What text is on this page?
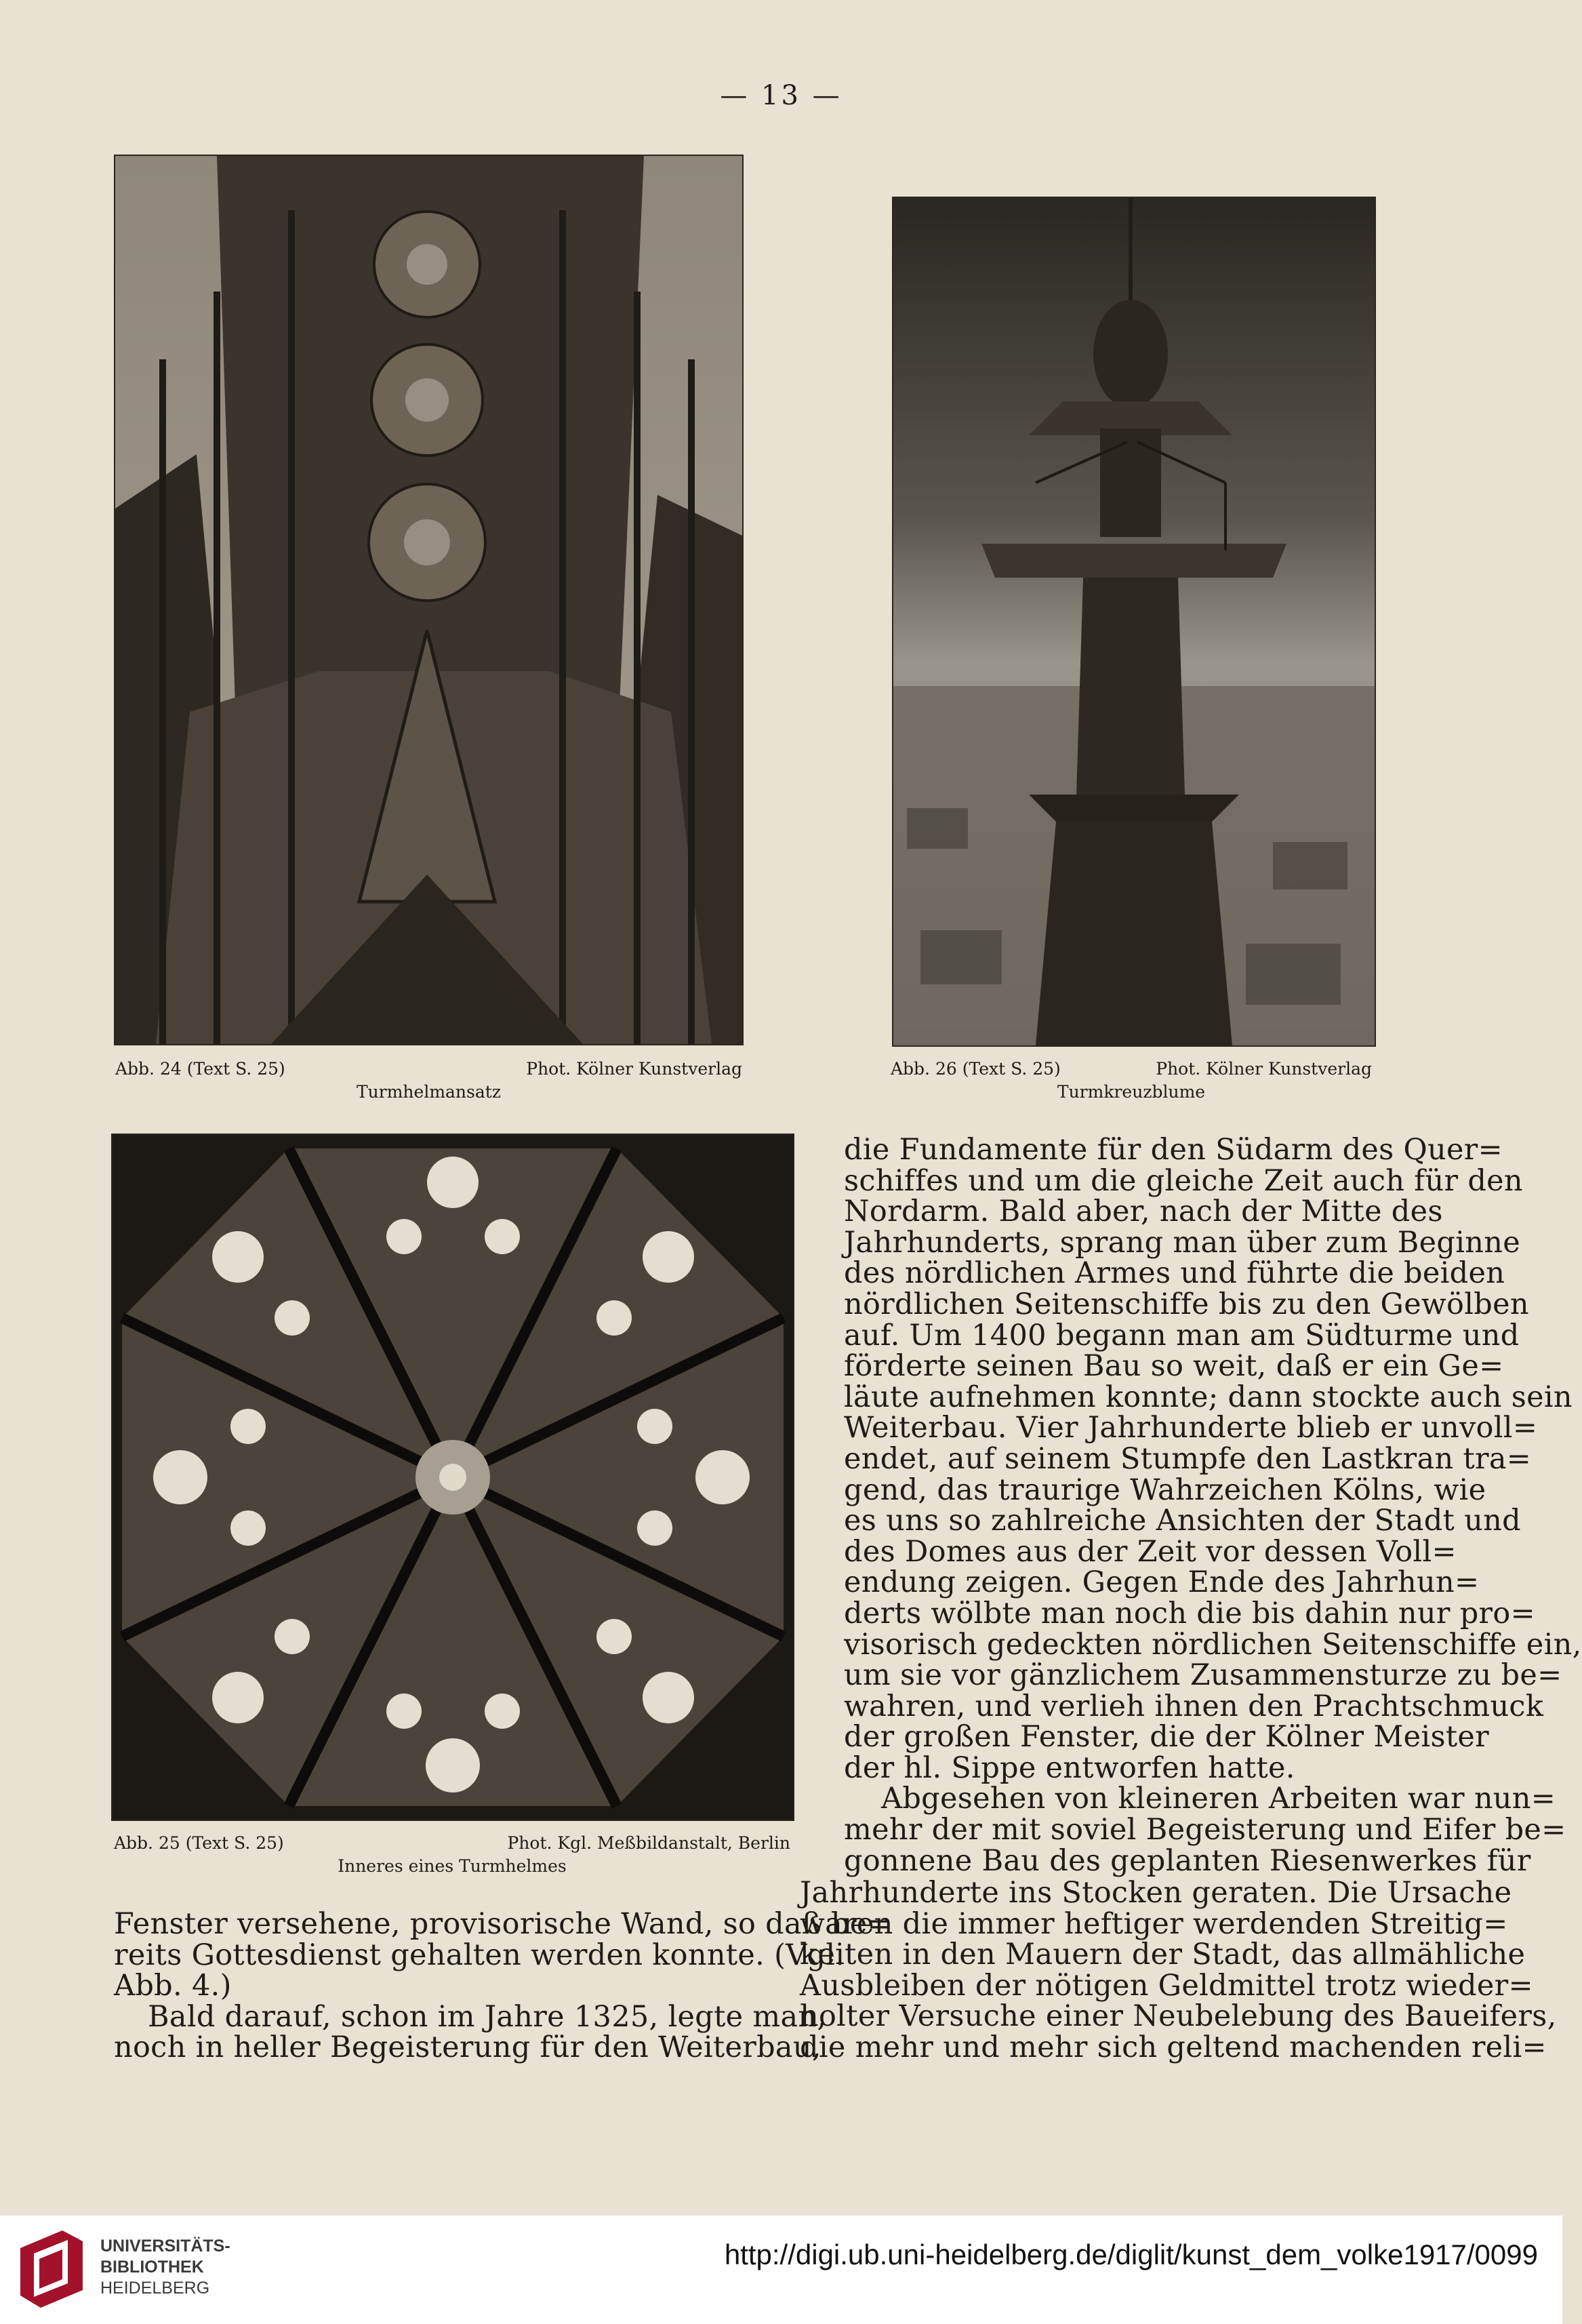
— 13 —
Abb. 24 (Text S. 25)	Phot. Kölner Kunstverlag
Turmhelmansatz
Abb. 26 (Text S. 25)	Phot. Kölner Kunstverlag
Turmkreuzblume
Abb. 25 (Text S. 25)	Phot. Kgl. Meßbildanstalt, Berlin
Inneres eines Turmhelmes
die Fundamente für den Südarm des Quer=
schiffes und um die gleiche Zeit auch für den
Nordarm. Bald aber, nach der Mitte des
Jahrhunderts, sprang man über zum Beginne
des nördlichen Armes und führte die beiden
nördlichen Seitenschiffe bis zu den Gewölben
auf. Um 1400 begann man am Südturme und
förderte seinen Bau so weit, daß er ein Ge=
läute aufnehmen konnte; dann stockte auch sein
Weiterbau. Vier Jahrhunderte blieb er unvoll=
endet, auf seinem Stumpfe den Lastkran tra=
gend, das traurige Wahrzeichen Kölns, wie
es uns so zahlreiche Ansichten der Stadt und
des Domes aus der Zeit vor dessen Voll=
endung zeigen. Gegen Ende des Jahrhun=
derts wölbte man noch die bis dahin nur pro=
visorisch gedeckten nördlichen Seitenschiffe ein,
um sie vor gänzlichem Zusammensturze zu be=
wahren, und verlieh ihnen den Prachtschmuck
der großen Fenster, die der Kölner Meister
der hl. Sippe entworfen hatte.
Abgesehen von kleineren Arbeiten war nun=
mehr der mit soviel Begeisterung und Eifer be=
gonnene Bau des geplanten Riesenwerkes für
Jahrhunderte ins Stocken geraten. Die Ursache
waren die immer heftiger werdenden Streitig=
keiten in den Mauern der Stadt, das allmähliche
Ausbleiben der nötigen Geldmittel trotz wieder=
holter Versuche einer Neubelebung des Baueifers,
die mehr und mehr sich geltend machenden reli=
Fenster versehene, provisorische Wand, so daß be=
reits Gottesdienst gehalten werden konnte. (Vgl.
Abb. 4.)
Bald darauf, schon im Jahre 1325, legte man,
noch in heller Begeisterung für den Weiterbau,
UNIVERSITÄTS-
BIBLIOTHEK
HEIDELBERG
http://digi.ub.uni-heidelberg.de/diglit/kunst_dem_volke1917/0099
